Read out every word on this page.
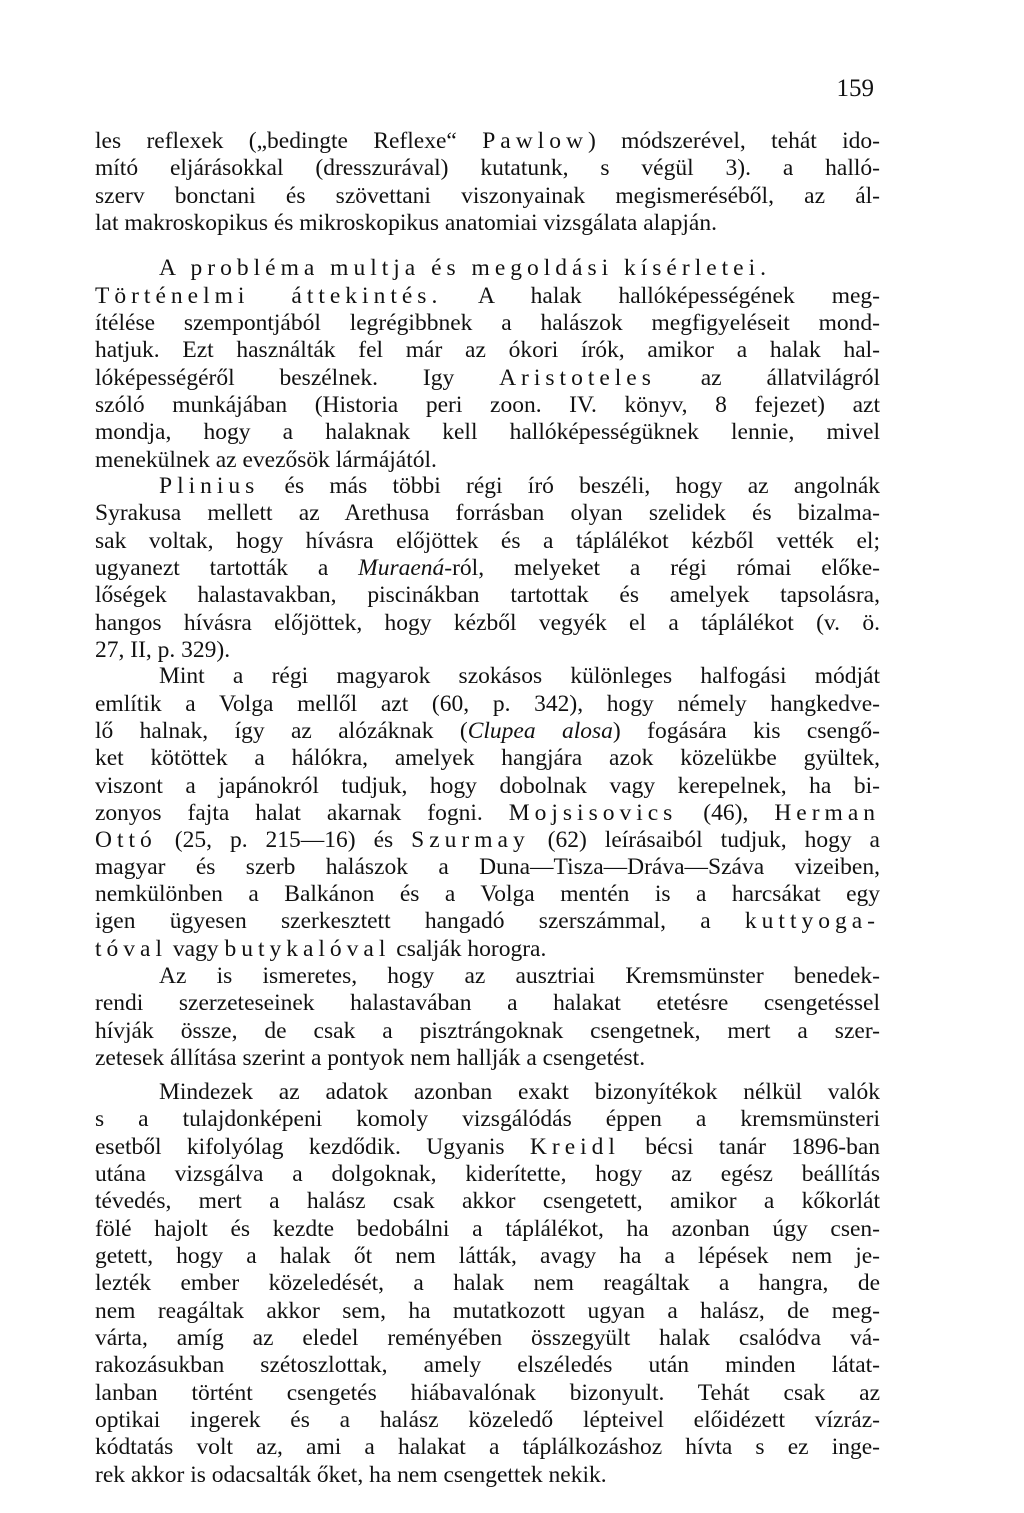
159
les reflexek („bedingte Reflexe“ Pawlow) módszerével, tehát ido-
mító eljárásokkal (dresszurával) kutatunk, s végül 3). a halló-
szerv bonctani és szövettani viszonyainak megismeréséből, az ál-
lat makroskopikus és mikroskopikus anatomiai vizsgálata alapján.
A probléma multja és megoldási kísérletei.
Történelmi áttekintés. A halak hallóképességének meg-
ítélése szempontjából legrégibbnek a halászok megfigyeléseit mond-
hatjuk. Ezt használták fel már az ókori írók, amikor a halak hal-
lóképességéről beszélnek. Igy Aristoteles az állatvilágról
szóló munkájában (Historia peri zoon. IV. könyv, 8 fejezet) azt
mondja, hogy a halaknak kell hallóképességüknek lennie, mivel
menekülnek az evezősök lármájától.
Plinius és más többi régi író beszéli, hogy az angolnák
Syrakusa mellett az Arethusa forrásban olyan szelidek és bizalma-
sak voltak, hogy hívásra előjöttek és a táplálékot kézből vették el;
ugyanezt tartották a Muraená-ról, melyeket a régi római előke-
lőségek halastavakban, piscinákban tartottak és amelyek tapsolásra,
hangos hívásra előjöttek, hogy kézből vegyék el a táplálékot (v. ö.
27, II, p. 329).
Mint a régi magyarok szokásos különleges halfogási módját
említik a Volga mellől azt (60, p. 342), hogy némely hangkedve-
lő halnak, így az alózáknak (Clupea alosa) fogására kis csengő-
ket kötöttek a hálókra, amelyek hangjára azok közelükbe gyültek,
viszont a japánokról tudjuk, hogy dobolnak vagy kerepelnek, ha bi-
zonyos fajta halat akarnak fogni. Mojsisovics (46), Herman
Ottó (25, p. 215—16) és Szurmay (62) leírásaiból tudjuk, hogy a
magyar és szerb halászok a Duna—Tisza—Dráva—Száva vizeiben,
nemkülönben a Balkánon és a Volga mentén is a harcsákat egy
igen ügyesen szerkesztett hangadó szerszámmal, a kuttyoga-
tóval vagy butykalóval csalják horogra.
Az is ismeretes, hogy az ausztriai Kremsmünster benedek-
rendi szerzeteseinek halastavában a halakat etetésre csengetéssel
hívják össze, de csak a pisztrángoknak csengetnek, mert a szer-
zetesek állítása szerint a pontyok nem hallják a csengetést.
Mindezek az adatok azonban exakt bizonyítékok nélkül valók
s a tulajdonképeni komoly vizsgálódás éppen a kremsmünsteri
esetből kifolyólag kezdődik. Ugyanis Kreidl bécsi tanár 1896-ban
utána vizsgálva a dolgoknak, kiderítette, hogy az egész beállítás
tévedés, mert a halász csak akkor csengetett, amikor a kőkorlát
fölé hajolt és kezdte bedobálni a táplálékot, ha azonban úgy csen-
getett, hogy a halak őt nem látták, avagy ha a lépések nem je-
lezték ember közeledését, a halak nem reagáltak a hangra, de
nem reagáltak akkor sem, ha mutatkozott ugyan a halász, de meg-
várta, amíg az eledel reményében összegyült halak csalódva vá-
rakozásukban szétoszlottak, amely elszéledés után minden látat-
lanban történt csengetés hiábavalónak bizonyult. Tehát csak az
optikai ingerek és a halász közeledő lépteivel előidézett vízráz-
kódtatás volt az, ami a halakat a táplálkozáshoz hívta s ez inge-
rek akkor is odacsalták őket, ha nem csengettek nekik.
